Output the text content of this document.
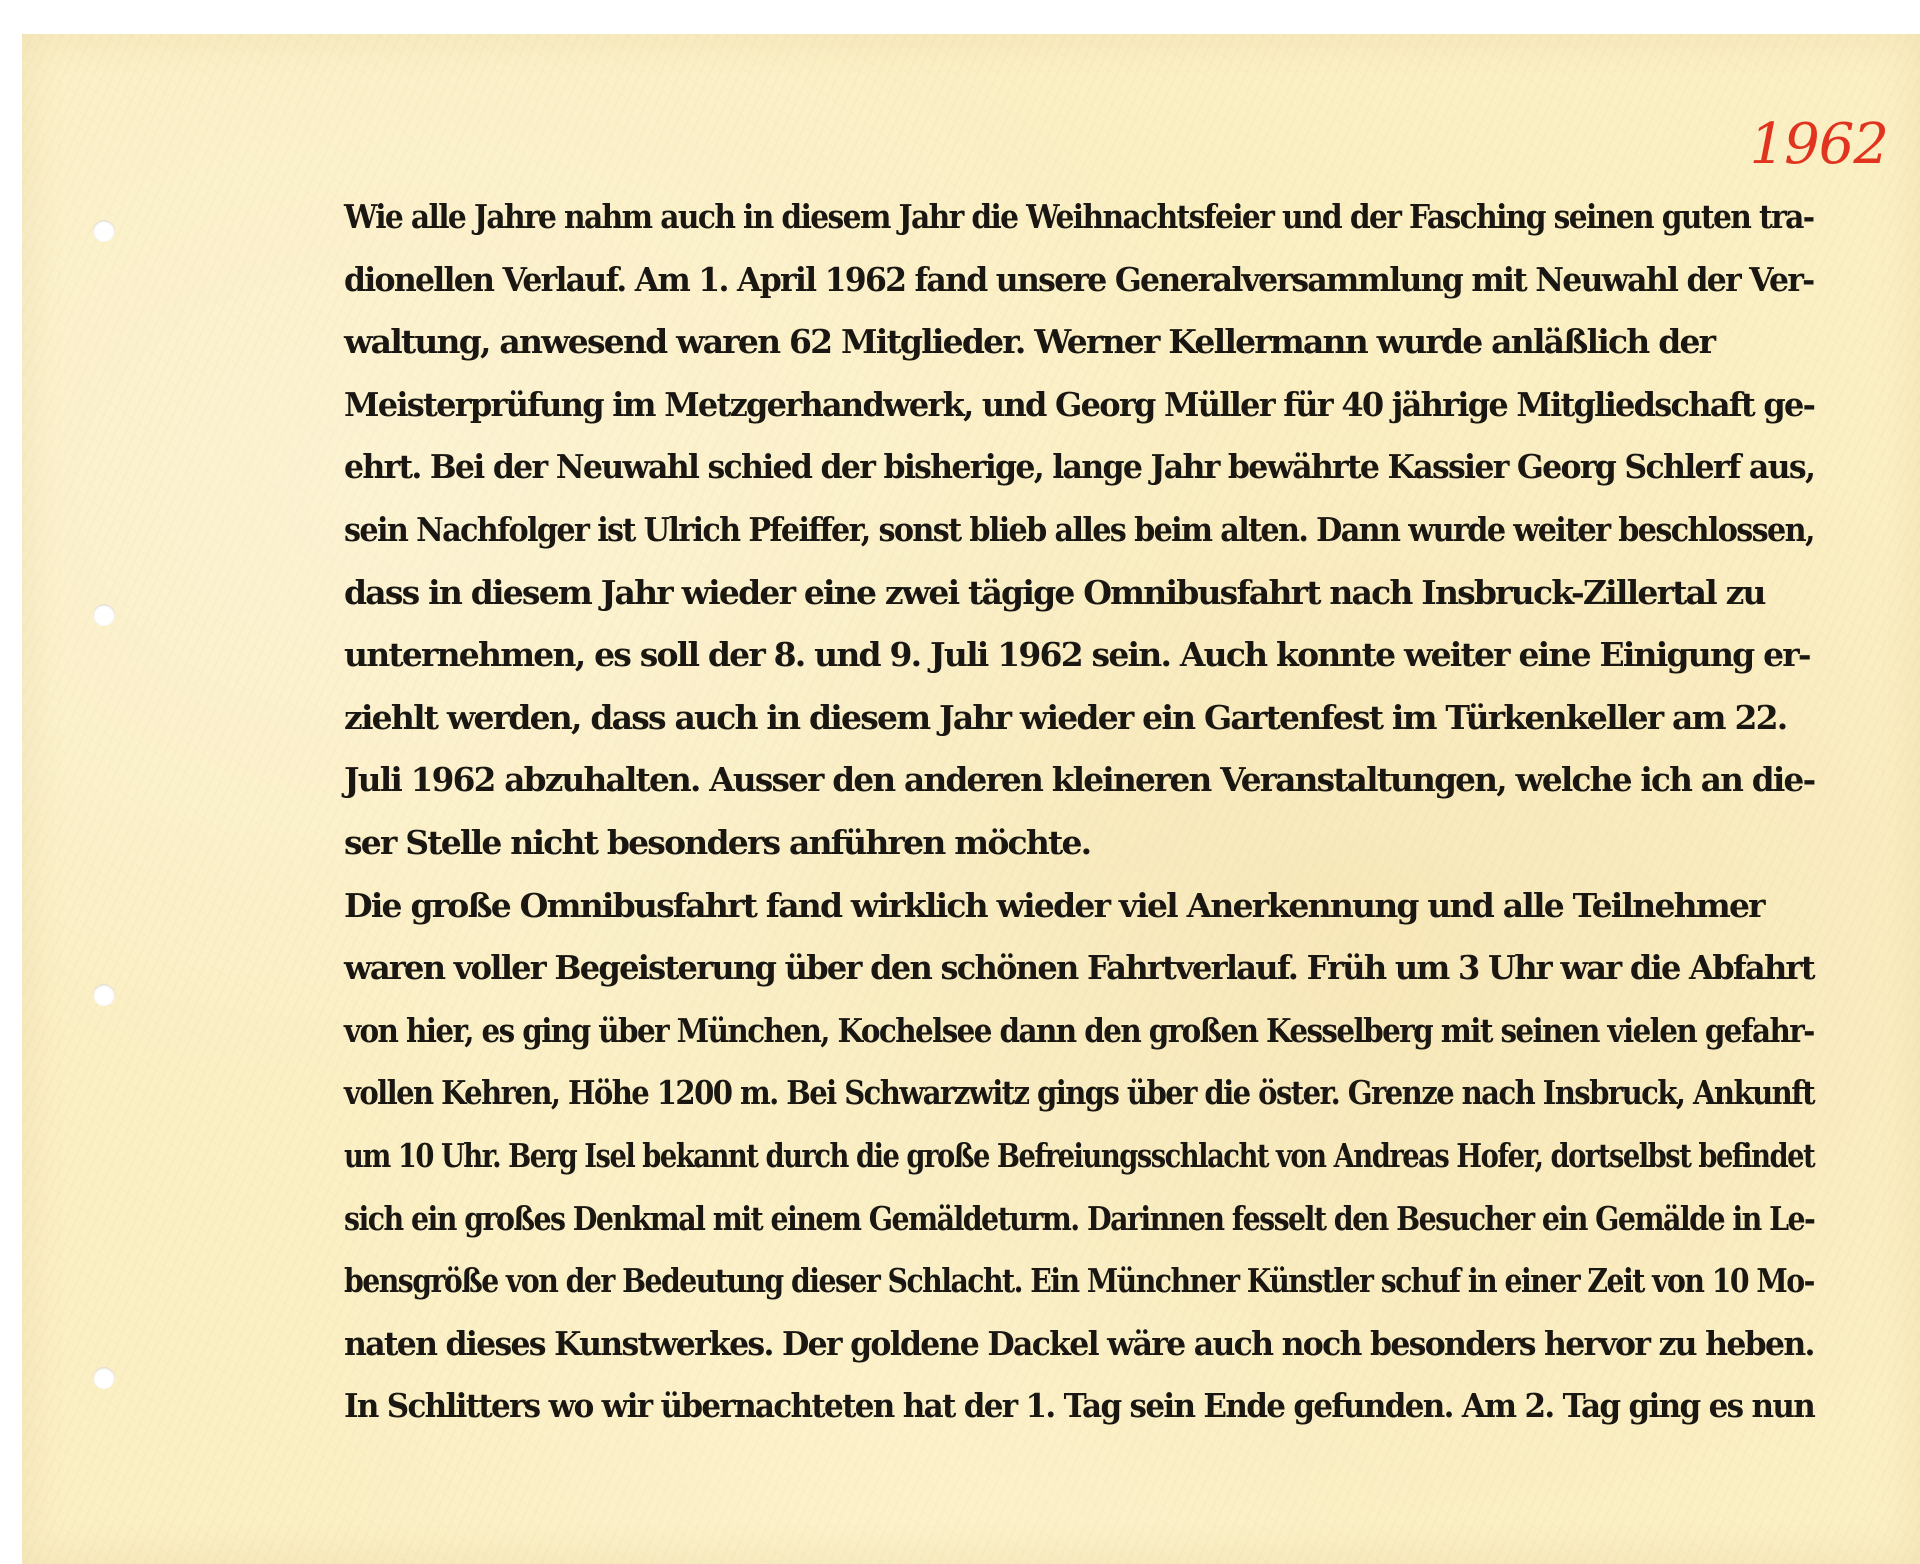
1962
Wie alle Jahre nahm auch in diesem Jahr die Weihnachtsfeier und der Fasching seinen guten tra-
dionellen Verlauf. Am 1. April 1962 fand unsere Generalversammlung mit Neuwahl der Ver-
waltung, anwesend waren 62 Mitglieder. Werner Kellermann wurde anläßlich der
Meisterprüfung im Metzgerhandwerk, und Georg Müller für 40 jährige Mitgliedschaft ge-
ehrt. Bei der Neuwahl schied der bisherige, lange Jahr bewährte Kassier Georg Schlerf aus,
sein Nachfolger ist Ulrich Pfeiffer, sonst blieb alles beim alten. Dann wurde weiter beschlossen,
dass in diesem Jahr wieder eine zwei tägige Omnibusfahrt nach Insbruck-Zillertal zu
unternehmen, es soll der 8. und 9. Juli 1962 sein. Auch konnte weiter eine Einigung er-
ziehlt werden, dass auch in diesem Jahr wieder ein Gartenfest im Türkenkeller am 22.
Juli 1962 abzuhalten. Ausser den anderen kleineren Veranstaltungen, welche ich an die-
ser Stelle nicht besonders anführen möchte.
Die große Omnibusfahrt fand wirklich wieder viel Anerkennung und alle Teilnehmer
waren voller Begeisterung über den schönen Fahrtverlauf. Früh um 3 Uhr war die Abfahrt
von hier, es ging über München, Kochelsee dann den großen Kesselberg mit seinen vielen gefahr-
vollen Kehren, Höhe 1200 m. Bei Schwarzwitz gings über die öster. Grenze nach Insbruck, Ankunft
um 10 Uhr. Berg Isel bekannt durch die große Befreiungsschlacht von Andreas Hofer, dortselbst befindet
sich ein großes Denkmal mit einem Gemäldeturm. Darinnen fesselt den Besucher ein Gemälde in Le-
bensgröße von der Bedeutung dieser Schlacht. Ein Münchner Künstler schuf in einer Zeit von 10 Mo-
naten dieses Kunstwerkes. Der goldene Dackel wäre auch noch besonders hervor zu heben.
In Schlitters wo wir übernachteten hat der 1. Tag sein Ende gefunden. Am 2. Tag ging es nun
